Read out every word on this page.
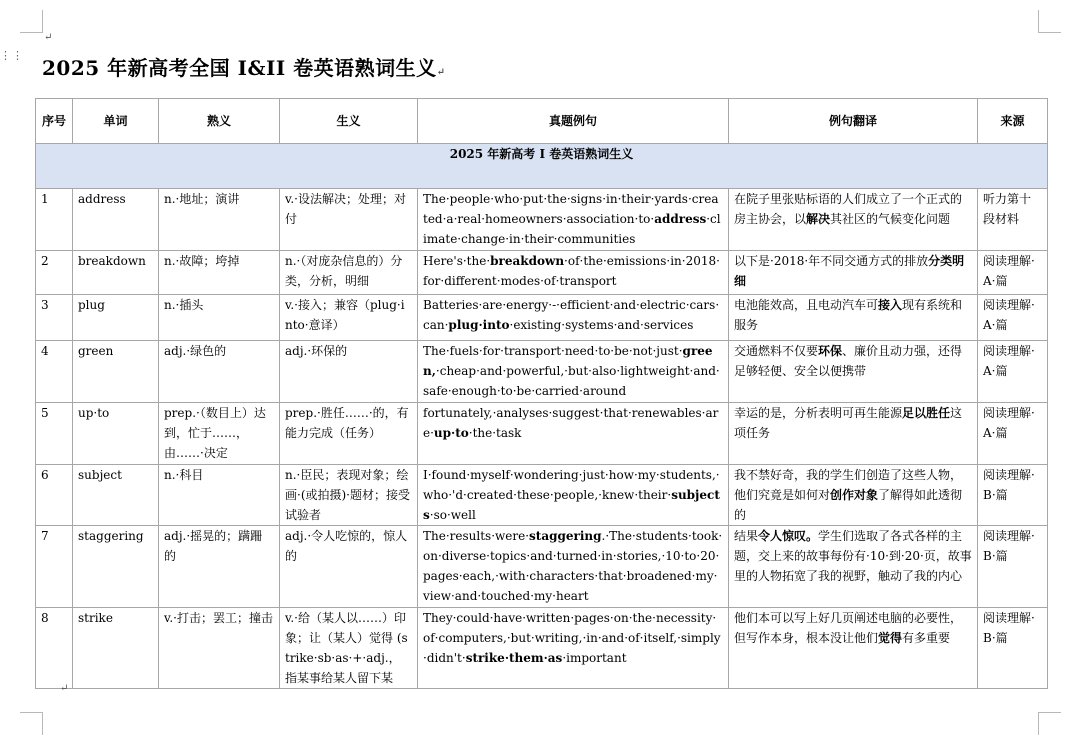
⋮⋮
↵
2025 年新高考全国 I&II 卷英语熟词生义↵
序号	单词	熟义	生义	真题例句	例句翻译	来源
2025 年新高考 I 卷英语熟词生义						
1	address	n.·地址；演讲	v.·设法解决；处理；对付	The·people·who·put·the·signs·in·their·yards·created·a·real·homeowners·association·to·address·climate·change·in·their·communities	在院子里张贴标语的人们成立了一个正式的房主协会，以解决其社区的气候变化问题	听力第十段材料
2	breakdown	n.·故障；垮掉	n.·（对庞杂信息的）分类，分析，明细	Here's·the·breakdown·of·the·emissions·in·2018·for·different·modes·of·transport	以下是·2018·年不同交通方式的排放分类明细	阅读理解·A·篇
3	plug	n.·插头	v.·接入；兼容（plug·into·意译）	Batteries·are·energy·-·efficient·and·electric·cars·can·plug·into·existing·systems·and·services	电池能效高，且电动汽车可接入现有系统和服务	阅读理解·A·篇
4	green	adj.·绿色的	adj.·环保的	The·fuels·for·transport·need·to·be·not·just·green,·cheap·and·powerful,·but·also·lightweight·and·safe·enough·to·be·carried·around	交通燃料不仅要环保、廉价且动力强，还得足够轻便、安全以便携带	阅读理解·A·篇
5	up·to	prep.·（数目上）达到，忙于……，由……·决定	prep.·胜任……·的，有能力完成（任务）	fortunately,·analyses·suggest·that·renewables·are·up·to·the·task	幸运的是，分析表明可再生能源足以胜任这项任务	阅读理解·A·篇
6	subject	n.·科目	n.·臣民；表现对象；绘画·(或拍摄)·题材；接受试验者	I·found·myself·wondering·just·how·my·students,·who·'d·created·these·people,·knew·their·subjects·so·well	我不禁好奇，我的学生们创造了这些人物，他们究竟是如何对创作对象了解得如此透彻的	阅读理解·B·篇
7	staggering	adj.·摇晃的；蹒跚的	adj.·令人吃惊的，惊人的	The·results·were·staggering.·The·students·took·on·diverse·topics·and·turned·in·stories,·10·to·20·pages·each,·with·characters·that·broadened·my·view·and·touched·my·heart	结果令人惊叹。学生们选取了各式各样的主题，交上来的故事每份有·10·到·20·页，故事里的人物拓宽了我的视野，触动了我的内心	阅读理解·B·篇
8	strike	v.·打击；罢工；撞击	v.·给（某人以……）印象；让（某人）觉得 (strike·sb·as·+·adj.，指某事给某人留下某	They·could·have·written·pages·on·the·necessity·of·computers,·but·writing,·in·and·of·itself,·simply·didn't·strike·them·as·important	他们本可以写上好几页阐述电脑的必要性，但写作本身，根本没让他们觉得有多重要	阅读理解·B·篇
↵
